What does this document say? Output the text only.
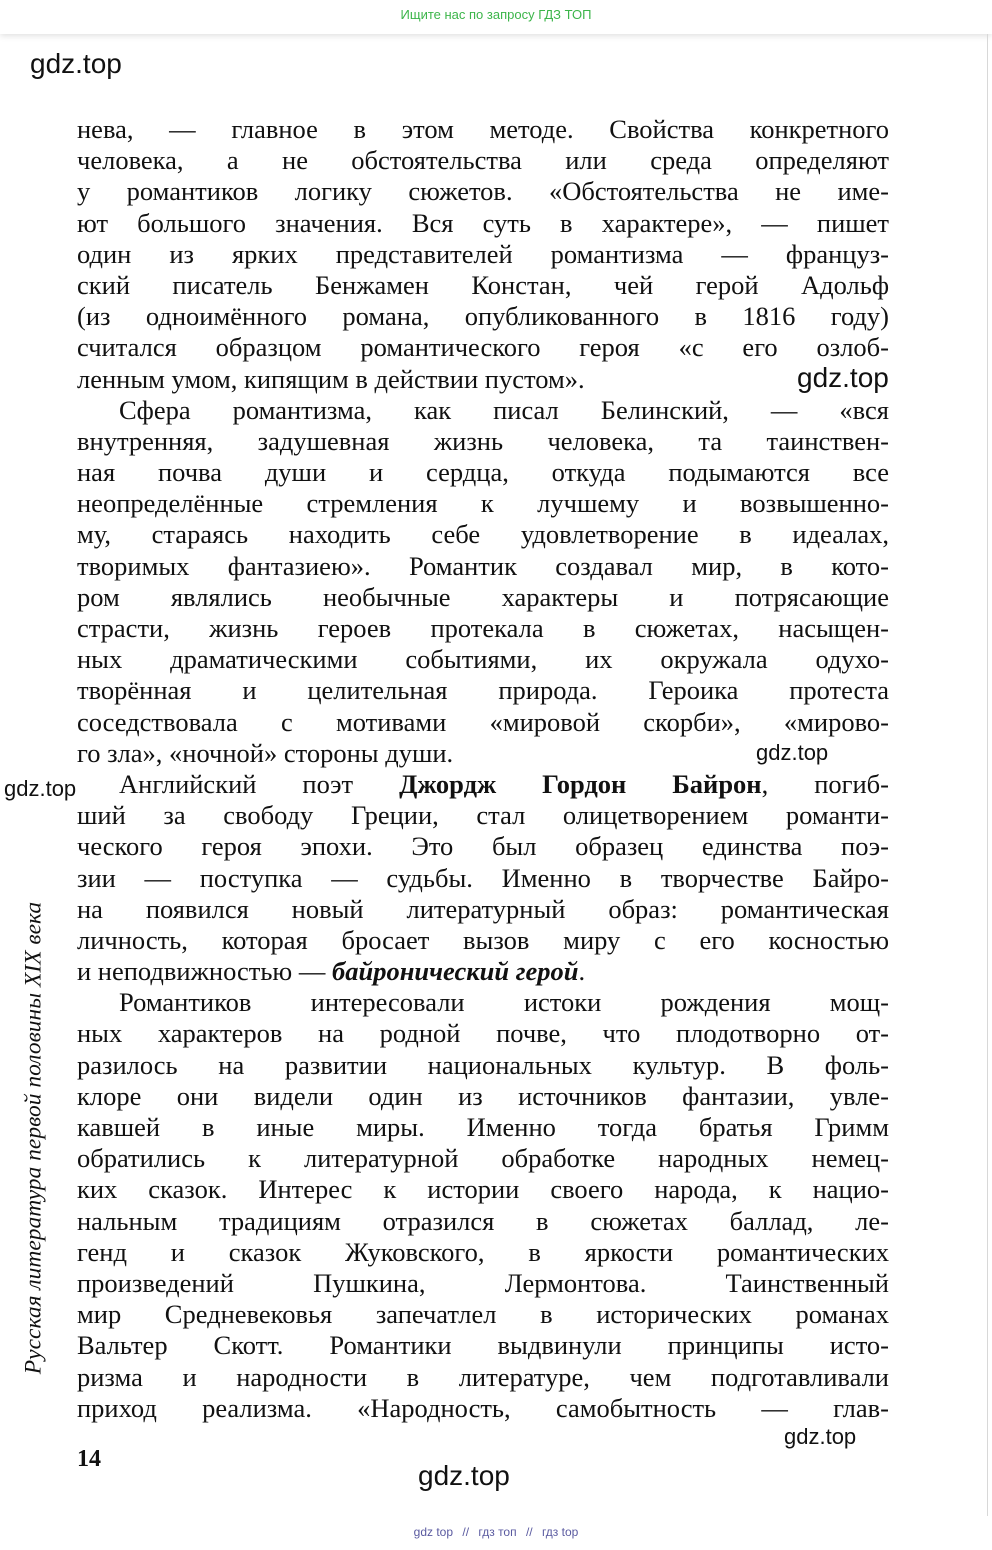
Ищите нас по запросу ГДЗ ТОП
gdz.top
gdz.top
gdz.top
gdz.top
gdz.top
gdz.top
нева, — главное в этом методе. Свойства конкретного
человека, а не обстоятельства или среда определяют
у романтиков логику сюжетов. «Обстоятельства не име-
ют большого значения. Вся суть в характере», — пишет
один из ярких представителей романтизма — француз-
ский писатель Бенжамен Констан, чей герой Адольф
(из одноимённого романа, опубликованного в 1816 году)
считался образцом романтического героя «с его озлоб-
ленным умом, кипящим в действии пустом».
Сфера романтизма, как писал Белинский, — «вся
внутренняя, задушевная жизнь человека, та таинствен-
ная почва души и сердца, откуда подымаются все
неопределённые стремления к лучшему и возвышенно-
му, стараясь находить себе удовлетворение в идеалах,
творимых фантазиею». Романтик создавал мир, в кото-
ром являлись необычные характеры и потрясающие
страсти, жизнь героев протекала в сюжетах, насыщен-
ных драматическими событиями, их окружала одухо-
творённая и целительная природа. Героика протеста
соседствовала с мотивами «мировой скорби», «мирово-
го зла», «ночной» стороны души.
Английский поэт Джордж Гордон Байрон, погиб-
ший за свободу Греции, стал олицетворением романти-
ческого героя эпохи. Это был образец единства поэ-
зии — поступка — судьбы. Именно в творчестве Байро-
на появился новый литературный образ: романтическая
личность, которая бросает вызов миру с его косностью
и неподвижностью — байронический герой.
Романтиков интересовали истоки рождения мощ-
ных характеров на родной почве, что плодотворно от-
разилось на развитии национальных культур. В фоль-
клоре они видели один из источников фантазии, увле-
кавшей в иные миры. Именно тогда братья Гримм
обратились к литературной обработке народных немец-
ких сказок. Интерес к истории своего народа, к нацио-
нальным традициям отразился в сюжетах баллад, ле-
генд и сказок Жуковского, в яркости романтических
произведений Пушкина, Лермонтова. Таинственный
мир Средневековья запечатлел в исторических романах
Вальтер Скотт. Романтики выдвинули принципы исто-
ризма и народности в литературе, чем подготавливали
приход реализма. «Народность, самобытность — глав-
Русская литература первой половины XIX века
14
gdz top // гдз топ // гдз top
